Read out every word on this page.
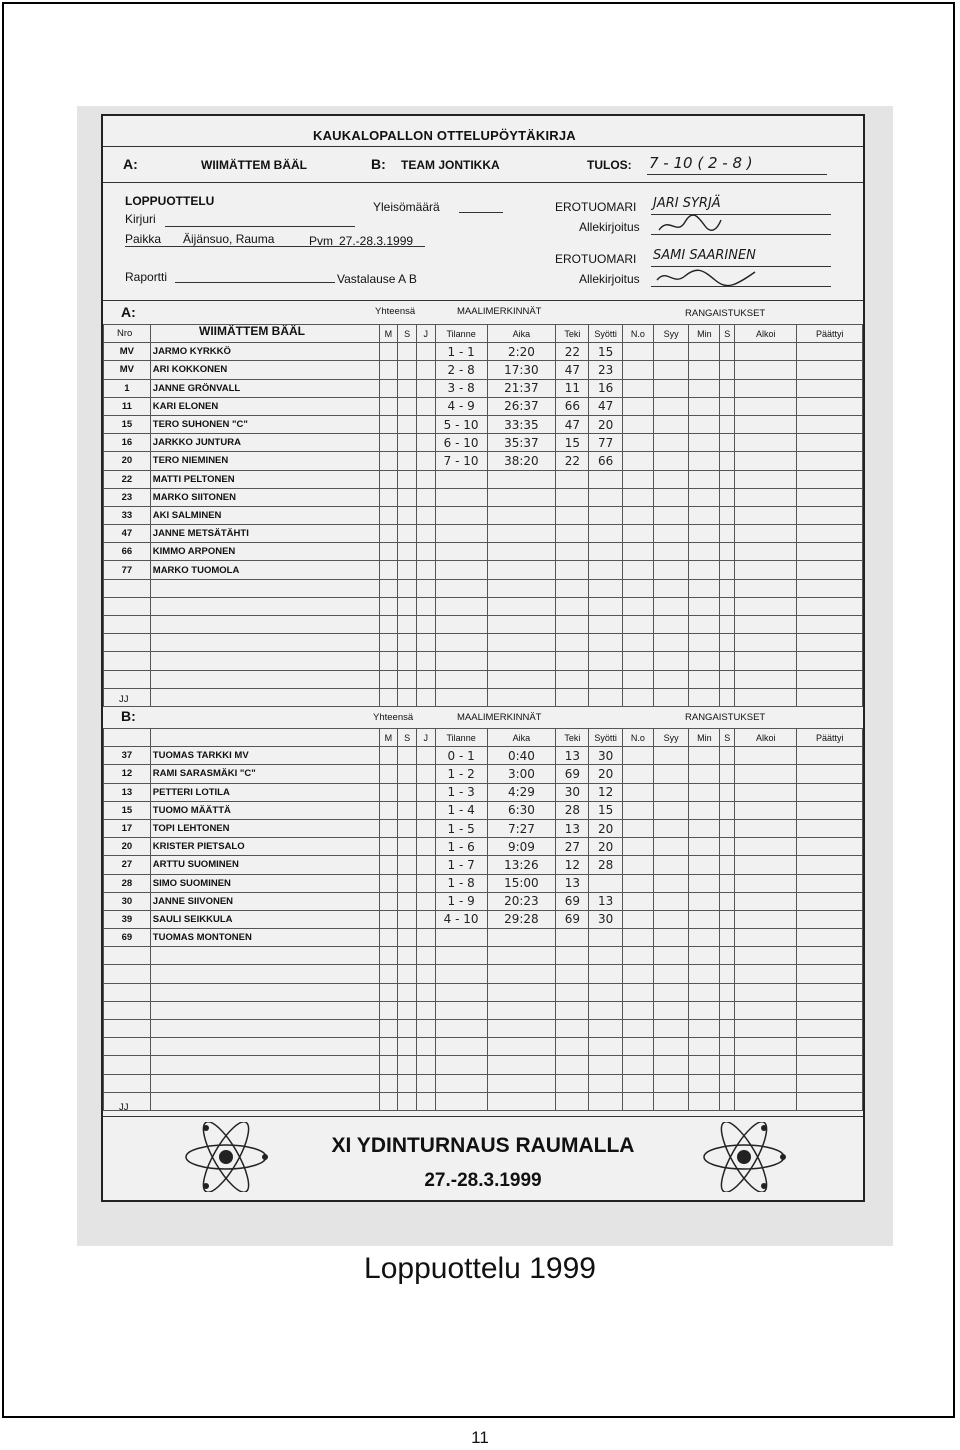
KAUKALOPALLON OTTELUPÖYTÄKIRJA
A:	WIIMÄTTEM BÄÄL	B: TEAM JONTIKKA	TULOS: 7 - 10 ( 2 - 8 )
LOPPUOTTELU
Kirjuri
Paikka Äijänsuo, Rauma	Pvm 27.-28.3.1999
Yleisömäärä	EROTUOMARI JARI SYRJÄ
Allekirjoitus
EROTUOMARI SAMI SAARINEN
Allekirjoitus
Raportti	Vastalause A B
A:	Yhteensä	MAALIMERKINNÄT	RANGAISTUKSET
Nro	WIIMÄTTEM BÄÄL
			M	S	J	Tilanne	Aika	Teki	Syötti	N.o	Syy	Min	S	Alkoi	Päättyi
MV	JARMO KYRKKÖ				1 - 1	2:20	22	15						
MV	ARI KOKKONEN				2 - 8	17:30	47	23						
1	JANNE GRÖNVALL				3 - 8	21:37	11	16						
11	KARI ELONEN				4 - 9	26:37	66	47						
15	TERO SUHONEN "C"				5 - 10	33:35	47	20						
16	JARKKO JUNTURA				6 - 10	35:37	15	77						
20	TERO NIEMINEN				7 - 10	38:20	22	66						
22	MATTI PELTONEN													
23	MARKO SIITONEN													
33	AKI SALMINEN													
47	JANNE METSÄTÄHTI													
66	KIMMO ARPONEN													
77	MARKO TUOMOLA													

JJ
B:	Yhteensä	MAALIMERKINNÄT	RANGAISTUKSET
		M	S	J	Tilanne	Aika	Teki	Syötti	N.o	Syy	Min	S	Alkoi	Päättyi
37	TUOMAS TARKKI MV				0 - 1	0:40	13	30						
12	RAMI SARASMÄKI "C"				1 - 2	3:00	69	20						
13	PETTERI LOTILA				1 - 3	4:29	30	12						
15	TUOMO MÄÄTTÄ				1 - 4	6:30	28	15						
17	TOPI LEHTONEN				1 - 5	7:27	13	20						
20	KRISTER PIETSALO				1 - 6	9:09	27	20						
27	ARTTU SUOMINEN				1 - 7	13:26	12	28						
28	SIMO SUOMINEN				1 - 8	15:00	13							
30	JANNE SIIVONEN				1 - 9	20:23	69	13						
39	SAULI SEIKKULA				4 - 10	29:28	69	30						
69	TUOMAS MONTONEN													

JJ
XI YDINTURNAUS RAUMALLA
27.-28.3.1999
Loppuottelu 1999
11
